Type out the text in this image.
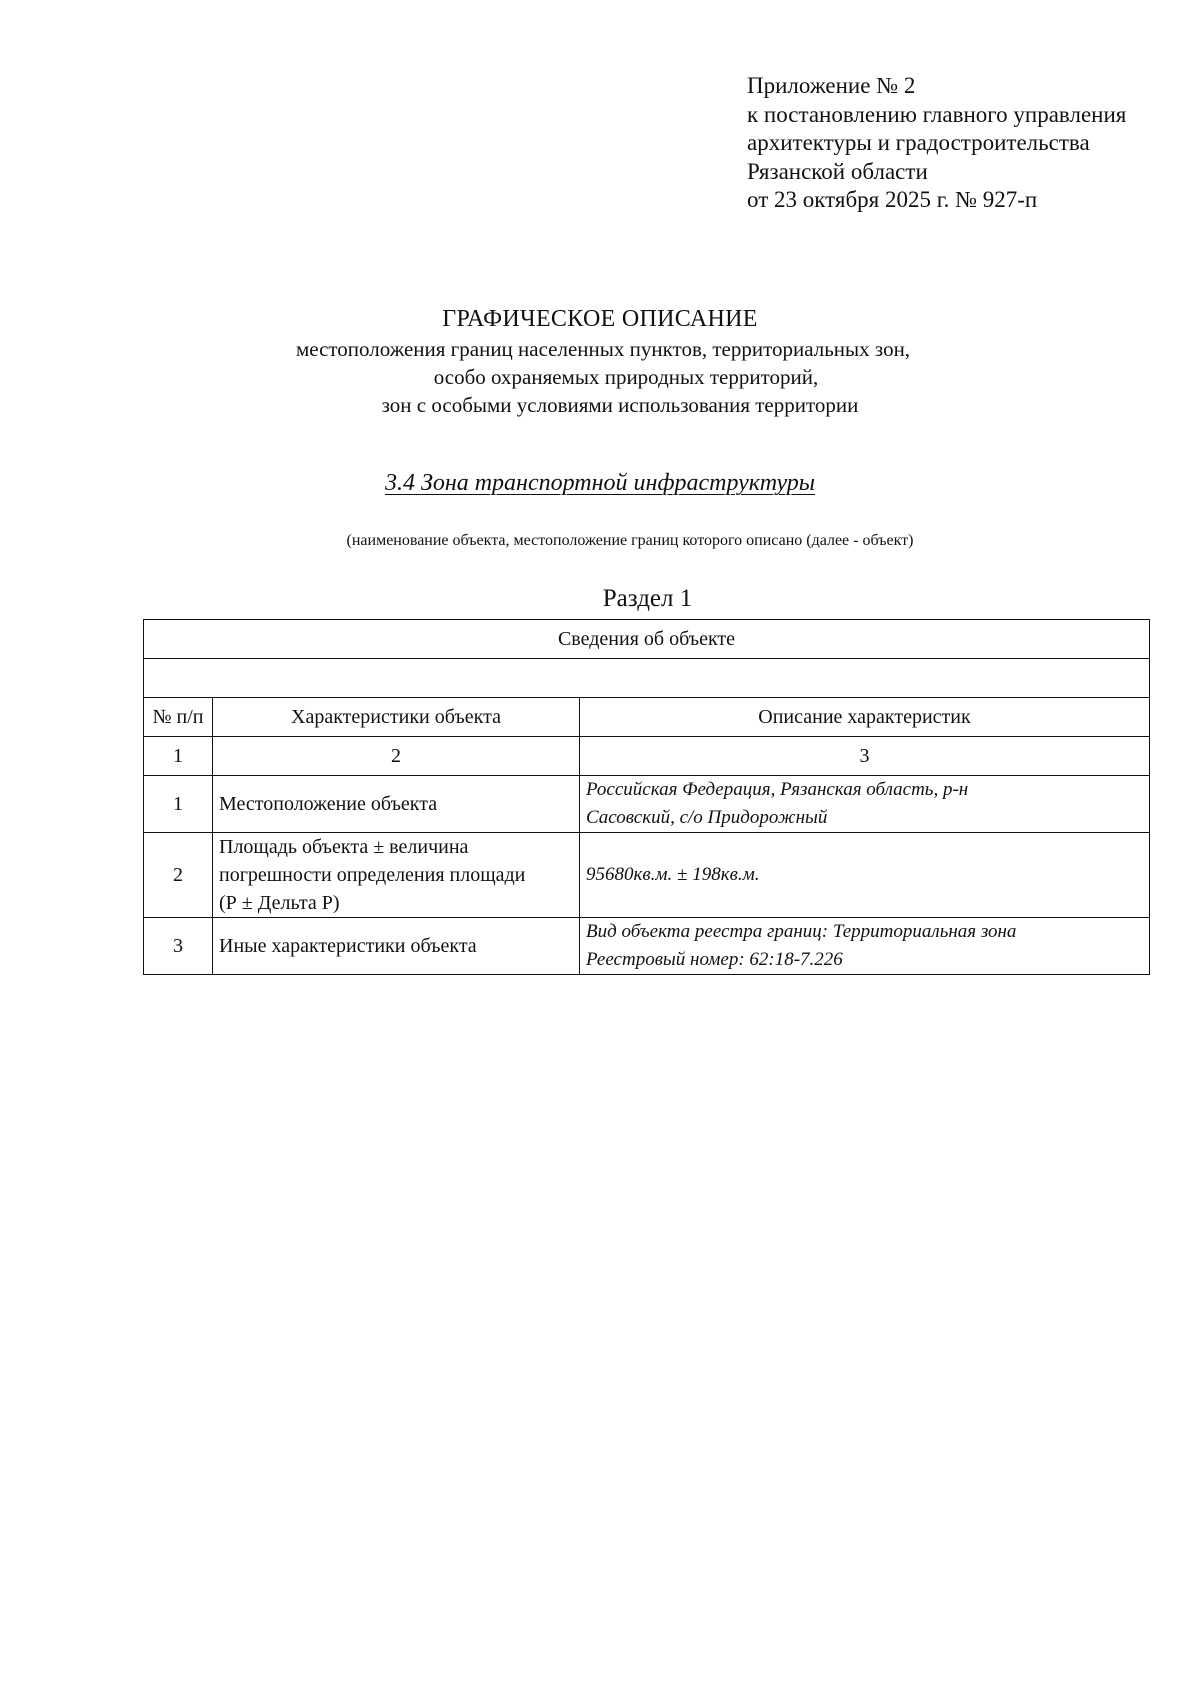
Приложение № 2
к постановлению главного управления
архитектуры и градостроительства
Рязанской области
от 23 октября 2025 г. № 927-п
ГРАФИЧЕСКОЕ ОПИСАНИЕ
местоположения границ населенных пунктов, территориальных зон,
особо охраняемых природных территорий,
зон с особыми условиями использования территории
3.4 Зона транспортной инфраструктуры
(наименование объекта, местоположение границ которого описано (далее - объект)
Раздел 1
Сведения об объекте		

№ п/п	Характеристики объекта	Описание характеристик
1	2	3
1	Местоположение объекта	Российская Федерация, Рязанская область, р-н
Сасовский, с/о Придорожный

2	Площадь объекта ± величина
погрешности определения площади
(Р ± Дельта Р)	95680кв.м. ± 198кв.м.

3	Иные характеристики объекта	Вид объекта реестра границ: Территориальная зона
Реестровый номер: 62:18-7.226
